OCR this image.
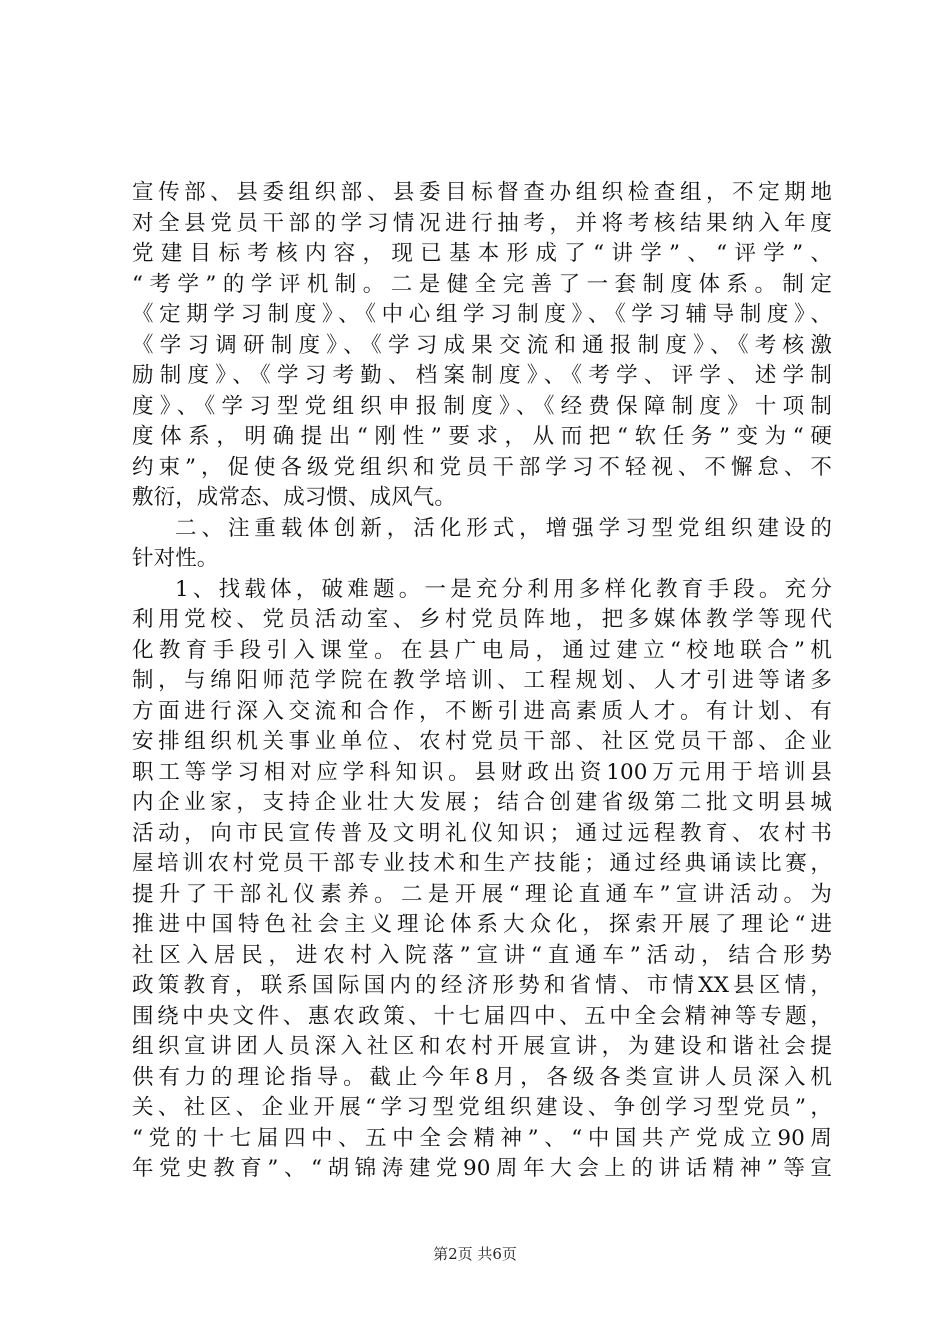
宣传部、县委组织部、县委目标督查办组织检查组，不定期地
对全县党员干部的学习情况进行抽考，并将考核结果纳入年度
党建目标考核内容，现已基本形成了“讲学”、“评学”、
“考学”的学评机制。二是健全完善了一套制度体系。制定
《定期学习制度》、《中心组学习制度》、《学习辅导制度》、
《学习调研制度》、《学习成果交流和通报制度》、《考核激
励制度》、《学习考勤、档案制度》、《考学、评学、述学制
度》、《学习型党组织申报制度》、《经费保障制度》十项制
度体系，明确提出“刚性”要求，从而把“软任务”变为“硬
约束”，促使各级党组织和党员干部学习不轻视、不懈怠、不
敷衍，成常态、成习惯、成风气。
二、注重载体创新，活化形式，增强学习型党组织建设的
针对性。
1、找载体，破难题。一是充分利用多样化教育手段。充分
利用党校、党员活动室、乡村党员阵地，把多媒体教学等现代
化教育手段引入课堂。在县广电局，通过建立“校地联合”机
制，与绵阳师范学院在教学培训、工程规划、人才引进等诸多
方面进行深入交流和合作，不断引进高素质人才。有计划、有
安排组织机关事业单位、农村党员干部、社区党员干部、企业
职工等学习相对应学科知识。县财政出资100万元用于培训县
内企业家，支持企业壮大发展；结合创建省级第二批文明县城
活动，向市民宣传普及文明礼仪知识；通过远程教育、农村书
屋培训农村党员干部专业技术和生产技能；通过经典诵读比赛，
提升了干部礼仪素养。二是开展“理论直通车”宣讲活动。为
推进中国特色社会主义理论体系大众化，探索开展了理论“进
社区入居民，进农村入院落”宣讲“直通车”活动，结合形势
政策教育，联系国际国内的经济形势和省情、市情XX县区情，
围绕中央文件、惠农政策、十七届四中、五中全会精神等专题，
组织宣讲团人员深入社区和农村开展宣讲，为建设和谐社会提
供有力的理论指导。截止今年8月，各级各类宣讲人员深入机
关、社区、企业开展“学习型党组织建设、争创学习型党员”，
“党的十七届四中、五中全会精神”、“中国共产党成立90周
年党史教育”、“胡锦涛建党90周年大会上的讲话精神”等宣
第2页 共6页
